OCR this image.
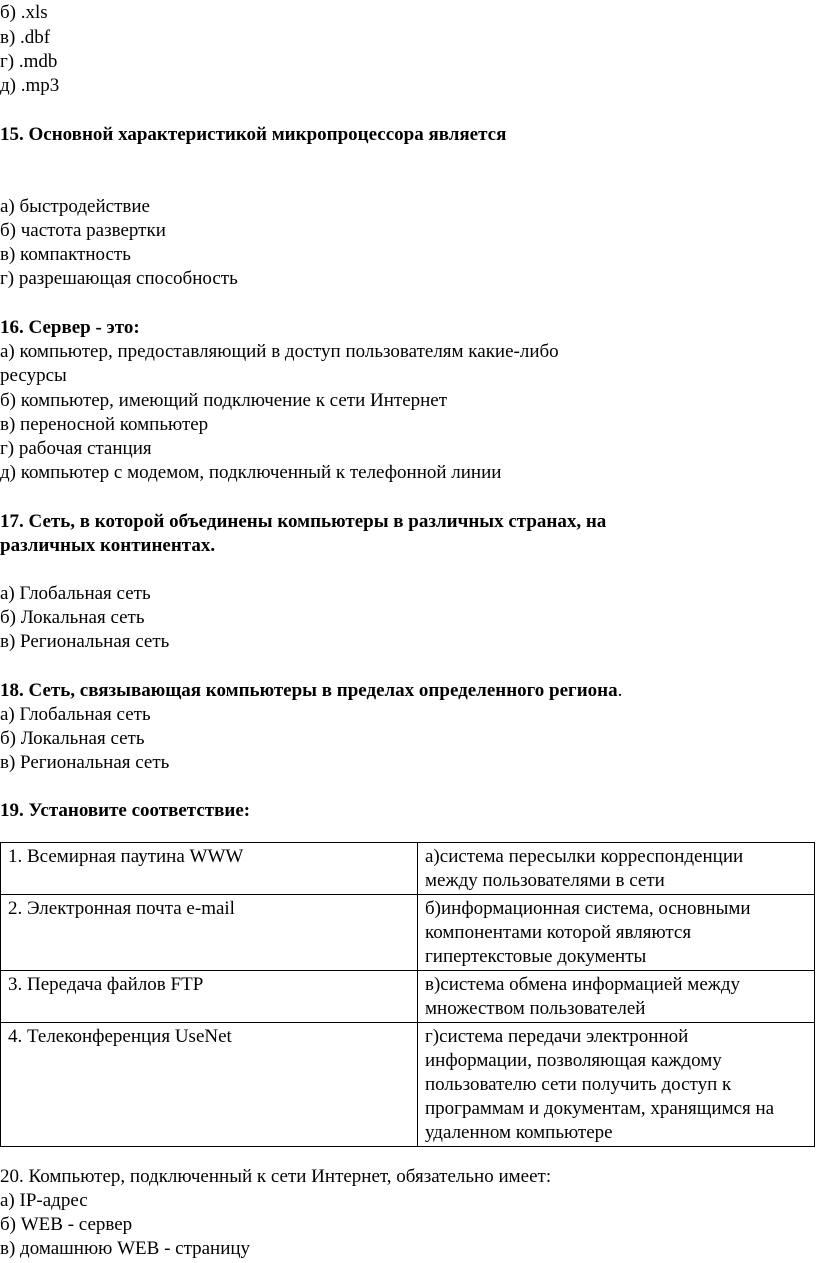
б) .xls
в) .dbf
г) .mdb
д) .mp3
15. Основной характеристикой микропроцессора является
а) быстродействие
б) частота развертки
в) компактность
г) разрешающая способность
16. Сервер - это:
а) компьютер, предоставляющий в доступ пользователям какие-либо
ресурсы
б) компьютер, имеющий подключение к сети Интернет
в) переносной компьютер
г) рабочая станция
д) компьютер с модемом, подключенный к телефонной линии
17. Сеть, в которой объединены компьютеры в различных странах, на
различных континентах.
а) Глобальная сеть
б) Локальная сеть
в) Региональная сеть
18. Сеть, связывающая компьютеры в пределах определенного региона.
а) Глобальная сеть
б) Локальная сеть
в) Региональная сеть
19. Установите соответствие:
1. Всемирная паутина WWW	а)система пересылки корреспонденции
между пользователями в сети

2. Электронная почта e-mail	б)информационная система, основными
компонентами которой являются
гипертекстовые документы

3. Передача файлов FTP	в)система обмена информацией между
множеством пользователей

4. Телеконференция UseNet	г)система передачи электронной
информации, позволяющая каждому
пользователю сети получить доступ к
программам и документам, хранящимся на
удаленном компьютере
20. Компьютер, подключенный к сети Интернет, обязательно имеет:
а) IP-адрес
б) WEB - сервер
в) домашнюю WEB - страницу
